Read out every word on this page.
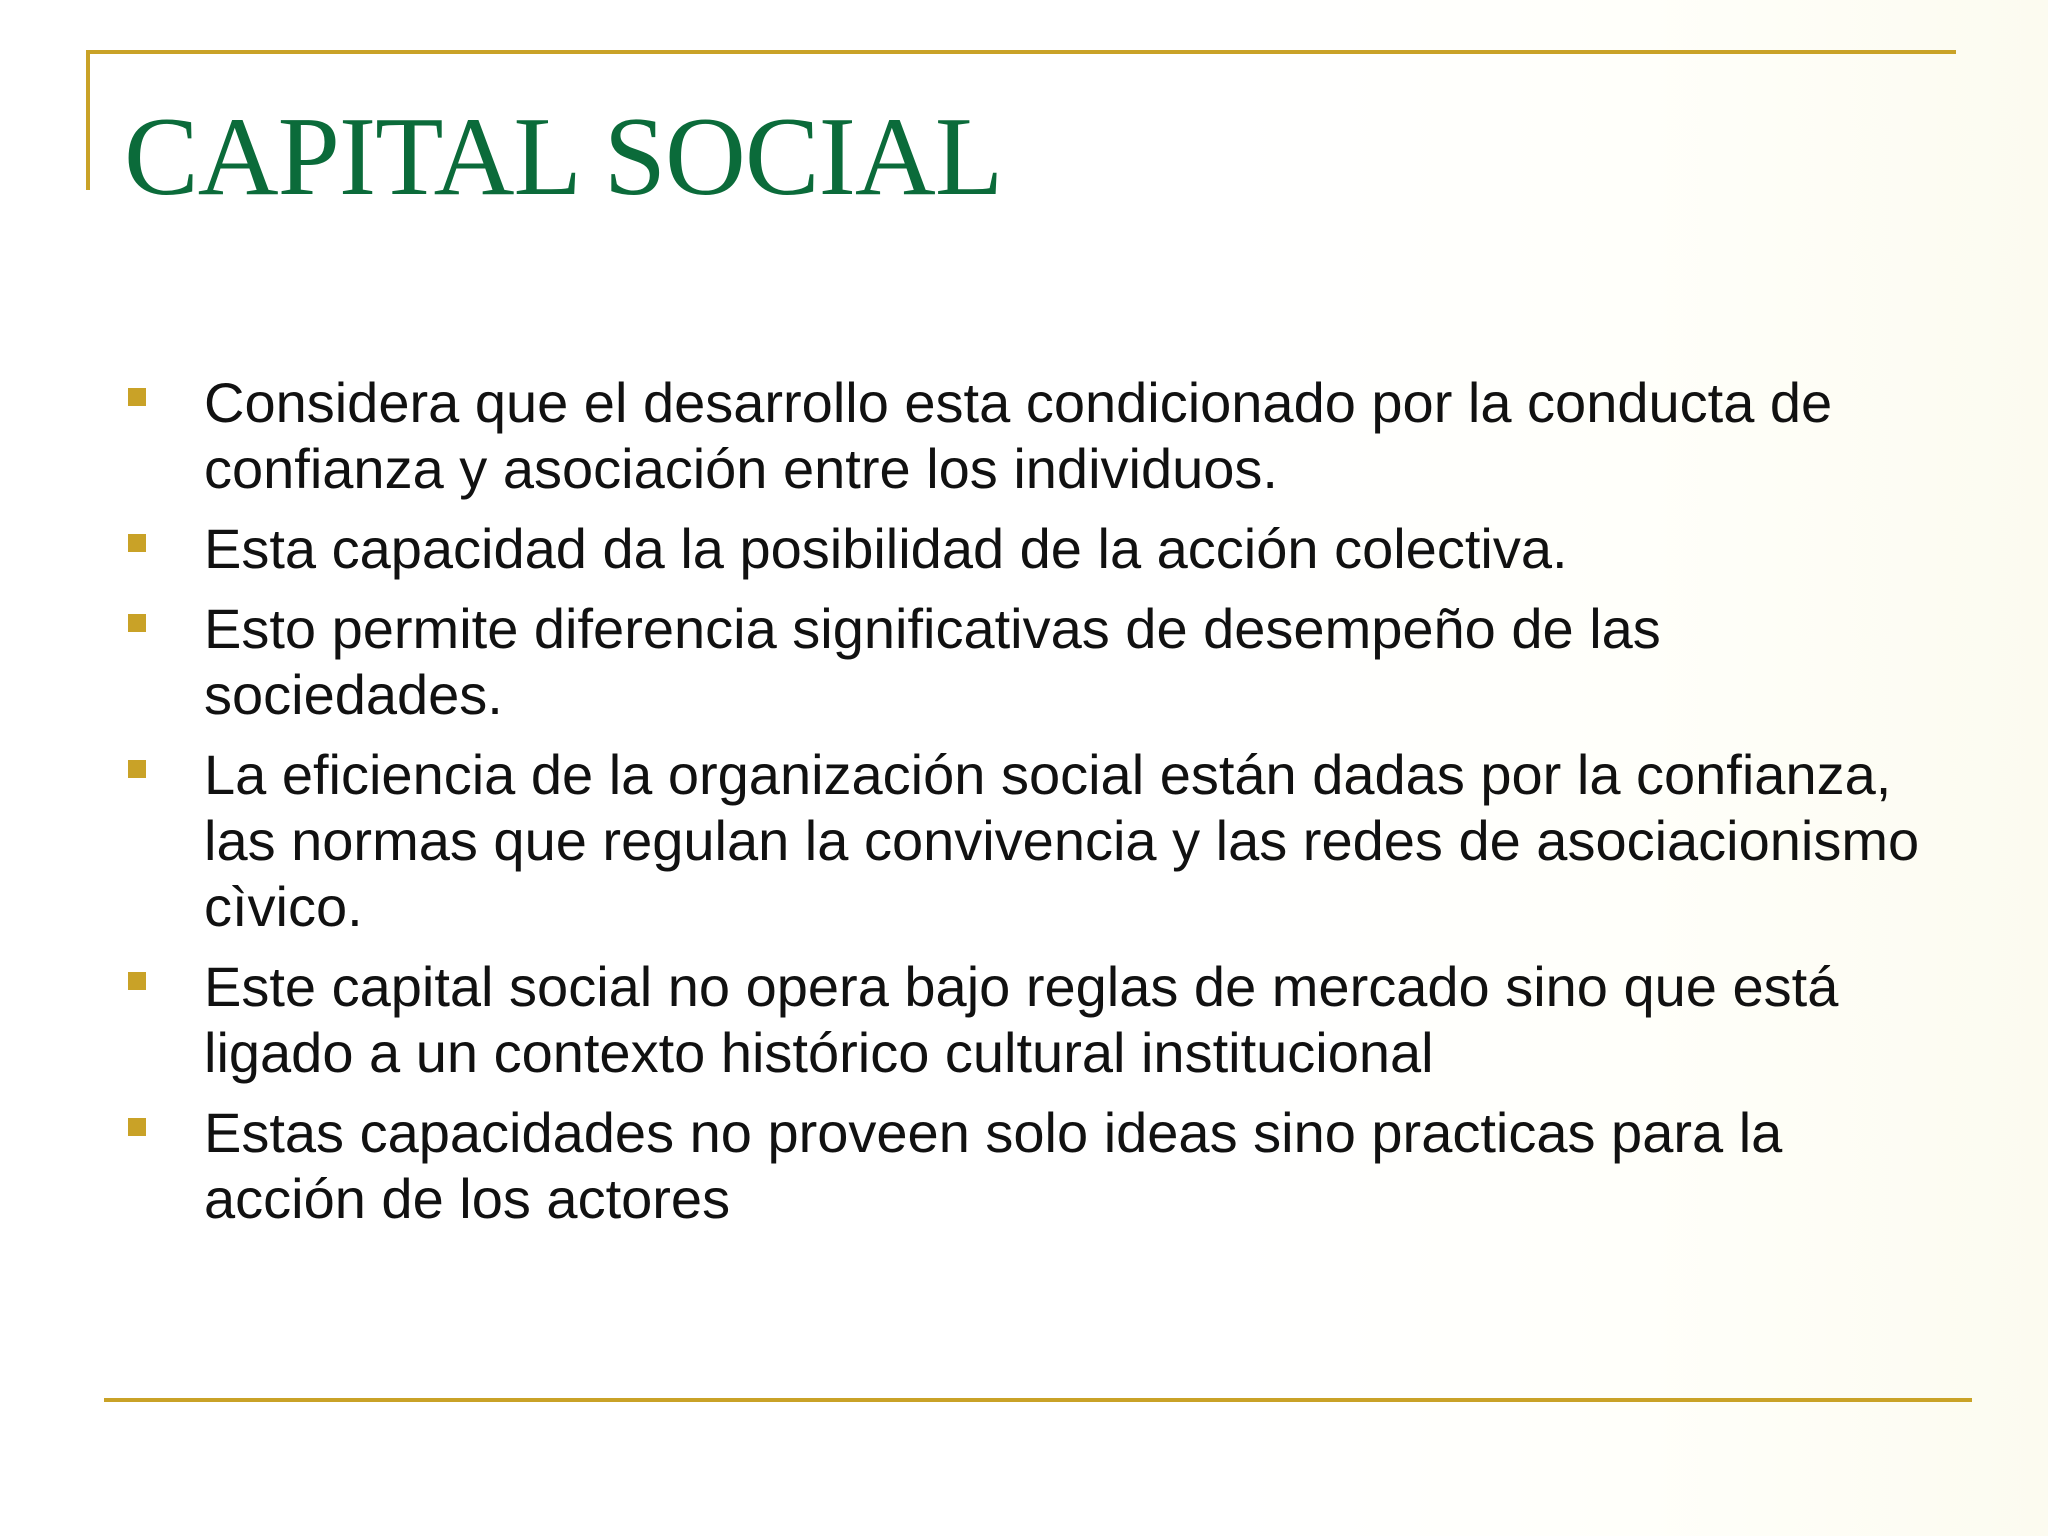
CAPITAL SOCIAL
Considera que el desarrollo esta condicionado por la conducta de confianza y asociación entre los individuos.
Esta capacidad da la posibilidad de la acción colectiva.
Esto permite diferencia significativas de desempeño de las sociedades.
La eficiencia de la organización social están dadas por la confianza, las normas que regulan la convivencia y las redes de asociacionismo cìvico.
Este capital social no opera bajo reglas de mercado sino que está ligado a un contexto histórico cultural institucional
Estas capacidades no proveen solo ideas sino practicas para la acción de los actores
